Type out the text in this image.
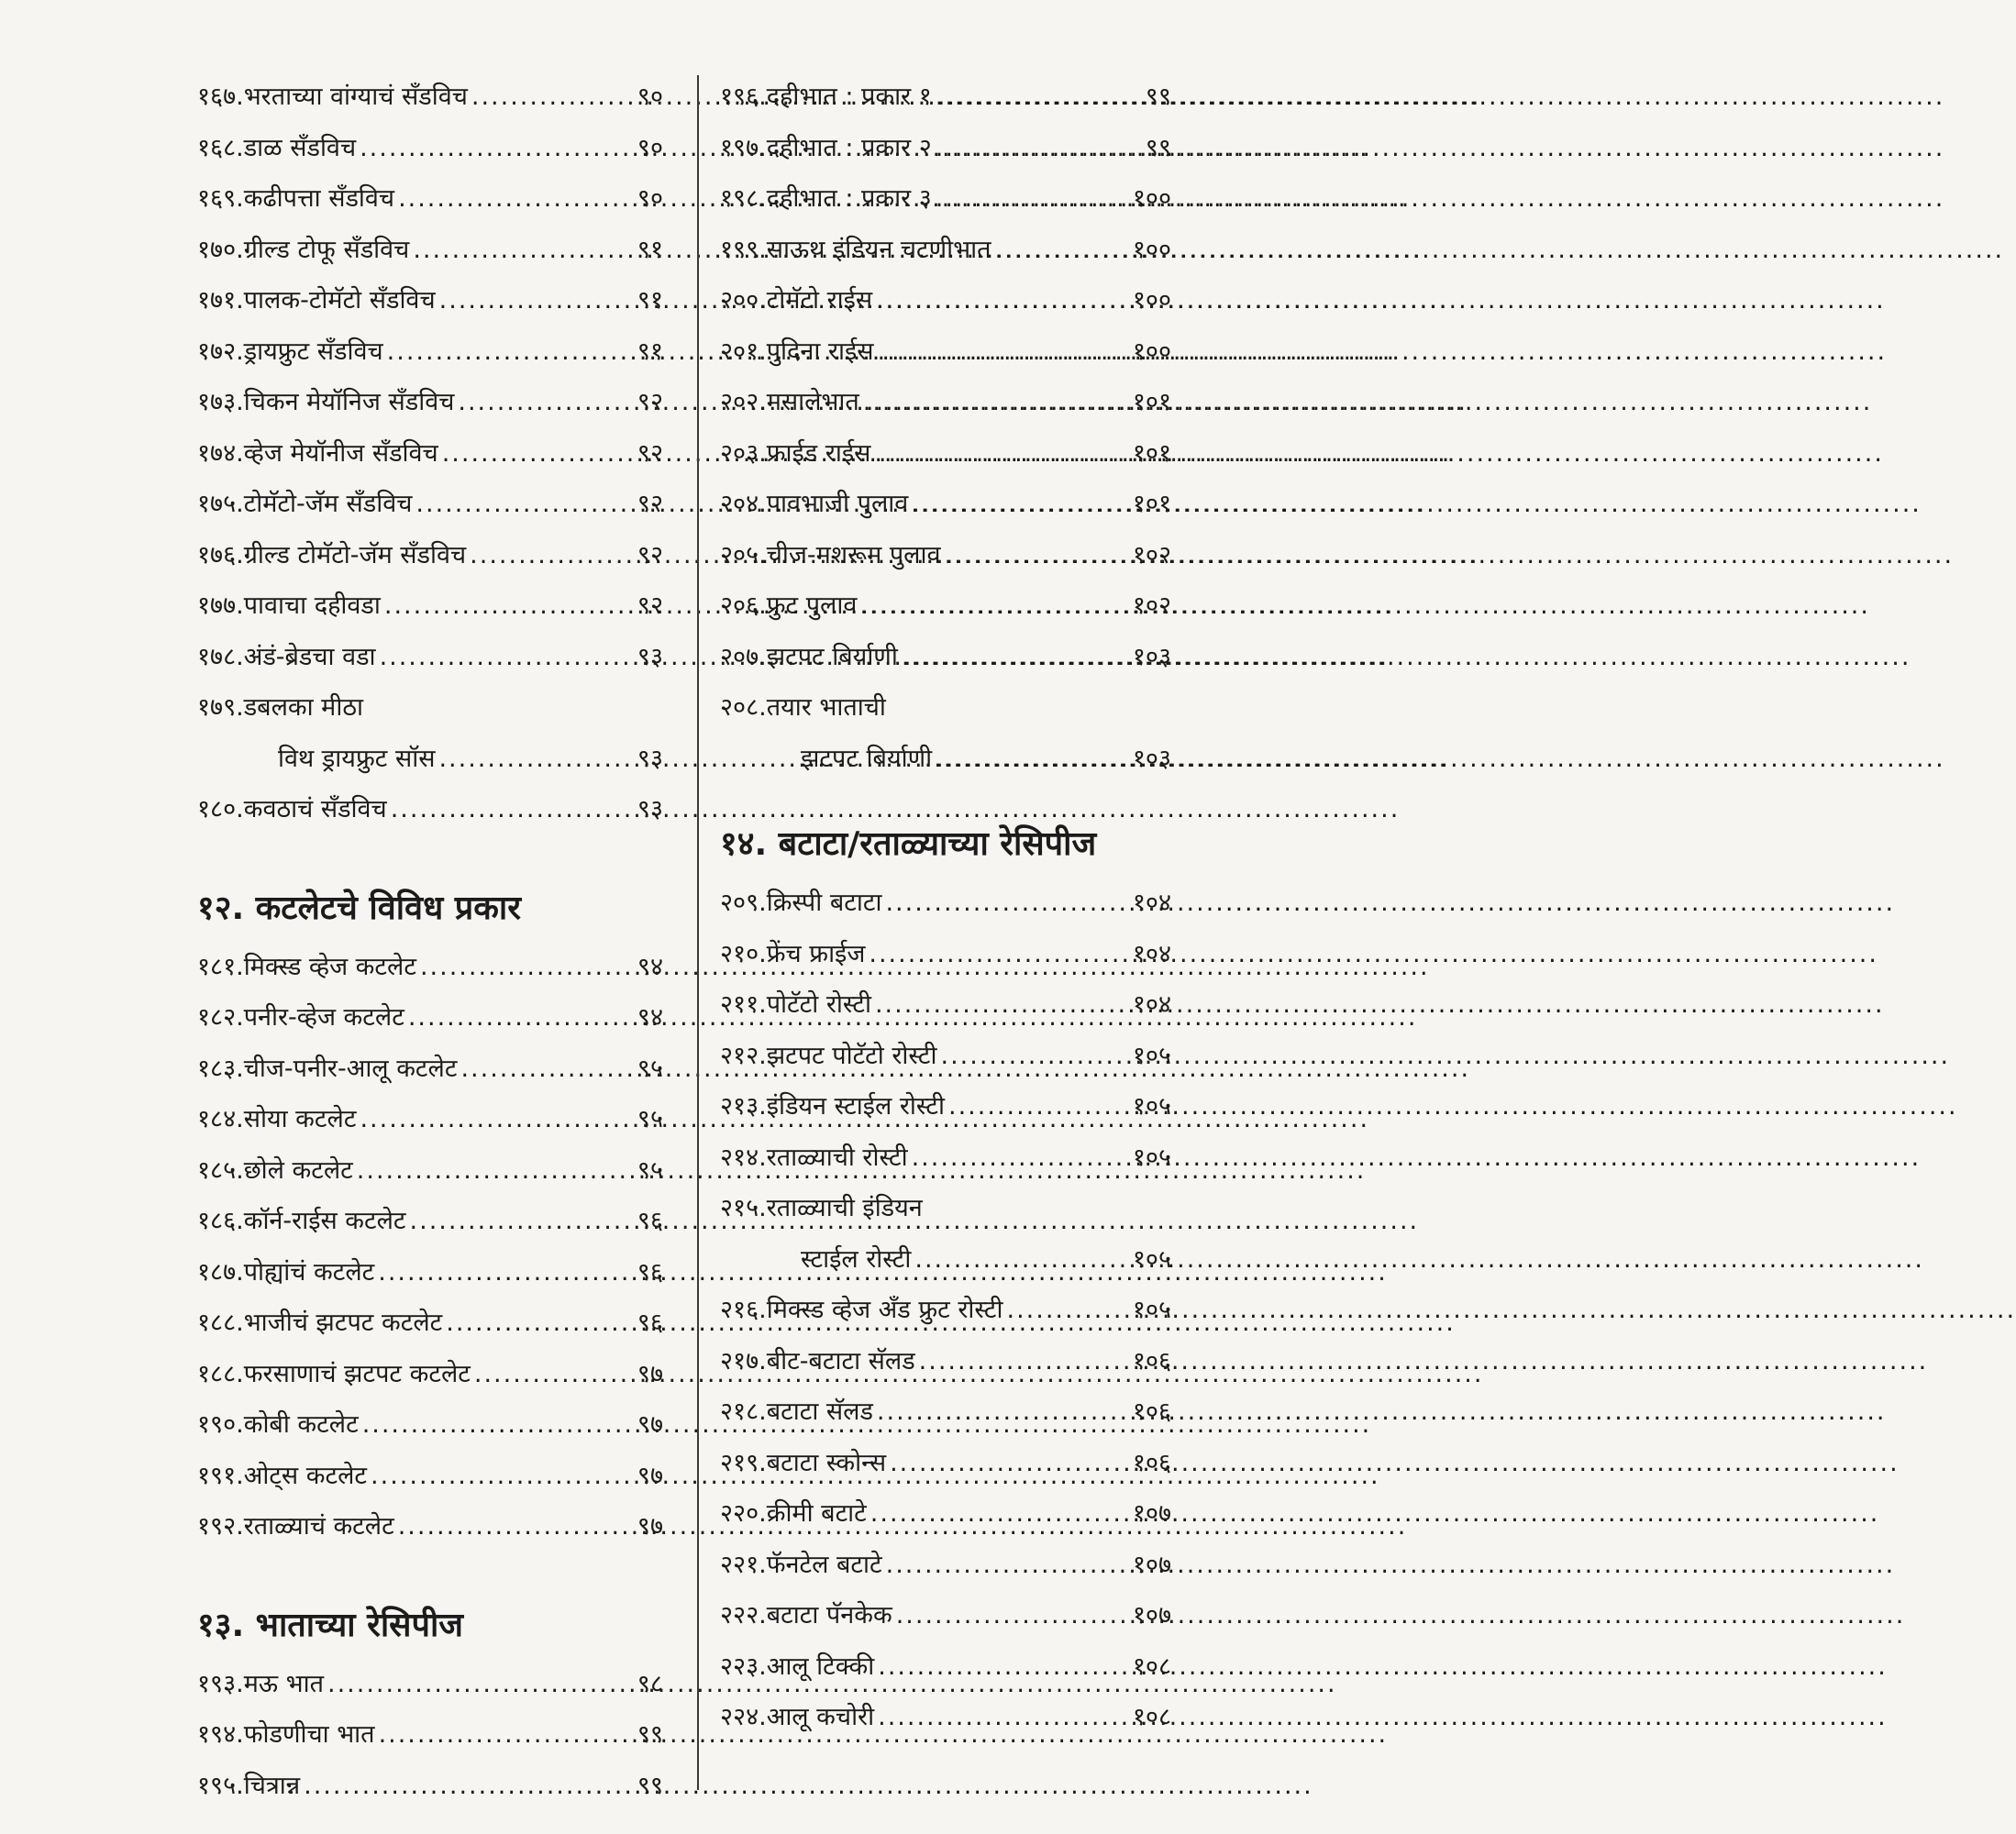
१६७. भरताच्या वांग्याचं सँडविच .....	९०
१६८. डाळ सँडविच .....	९०
१६९. कढीपत्ता सँडविच .....	९०
१७०. ग्रील्ड टोफू सँडविच .....	९१
१७१. पालक-टोमॅटो सँडविच .....	९१
१७२. ड्रायफ्रुट सँडविच .....	९१
१७३. चिकन मेयॉनिज सँडविच .....	९२
१७४. व्हेज मेयॉनीज सँडविच .....	९२
१७५. टोमॅटो-जॅम सँडविच .....	९२
१७६. ग्रील्ड टोमॅटो-जॅम सँडविच .....	९२
१७७. पावाचा दहीवडा .....	९२
१७८. अंडं-ब्रेडचा वडा .....	९३
१७९. डबलका मीठा
विथ ड्रायफ्रुट सॉस .....	९३
१८०. कवठाचं सँडविच .....	९३
१२. कटलेटचे विविध प्रकार
१८१. मिक्स्ड व्हेज कटलेट .....	९४
१८२. पनीर-व्हेज कटलेट .....	९४
१८३. चीज-पनीर-आलू कटलेट .....	९५
१८४. सोया कटलेट .....	९५
१८५. छोले कटलेट .....	९५
१८६. कॉर्न-राईस कटलेट .....	९६
१८७. पोह्यांचं कटलेट .....	९६
१८८. भाजीचं झटपट कटलेट .....	९६
१८८. फरसाणाचं झटपट कटलेट .....	९७
१९०. कोबी कटलेट .....	९७
१९१. ओट्स कटलेट .....	९७
१९२. रताळ्याचं कटलेट .....	९७
१३. भाताच्या रेसिपीज
१९३. मऊ भात .....	९८
१९४. फोडणीचा भात .....	९९
१९५. चित्रान्न .....	९९
१९६. दहीभात : प्रकार १ .....	९९
१९७. दहीभात : प्रकार २ .....	९९
१९८. दहीभात : प्रकार ३ .....	१००
१९९. साऊथ इंडियन चटणीभात .....	१००
२००. टोमॅटो राईस .....	१००
२०१. पुदिना राईस .....	१००
२०२. मसालेभात .....	१०१
२०३. फ्राईड राईस .....	१०१
२०४. पावभाजी पुलाव .....	१०१
२०५. चीज-मशरूम पुलाव .....	१०२
२०६. फ्रुट पुलाव .....	१०२
२०७. झटपट बिर्याणी .....	१०३
२०८. तयार भाताची
झटपट बिर्याणी .....	१०३
१४. बटाटा/रताळ्याच्या रेसिपीज
२०९. क्रिस्पी बटाटा .....	१०४
२१०. फ्रेंच फ्राईज .....	१०४
२११. पोटॅटो रोस्टी .....	१०४
२१२. झटपट पोटॅटो रोस्टी .....	१०५
२१३. इंडियन स्टाईल रोस्टी .....	१०५
२१४. रताळ्याची रोस्टी .....	१०५
२१५. रताळ्याची इंडियन
स्टाईल रोस्टी .....	१०५
२१६. मिक्स्ड व्हेज अँड फ्रुट रोस्टी .....	१०५
२१७. बीट-बटाटा सॅलड .....	१०६
२१८. बटाटा सॅलड .....	१०६
२१९. बटाटा स्कोन्स .....	१०६
२२०. क्रीमी बटाटे .....	१०७
२२१. फॅनटेल बटाटे .....	१०७
२२२. बटाटा पॅनकेक .....	१०७
२२३. आलू टिक्की .....	१०८
२२४. आलू कचोरी .....	१०८
